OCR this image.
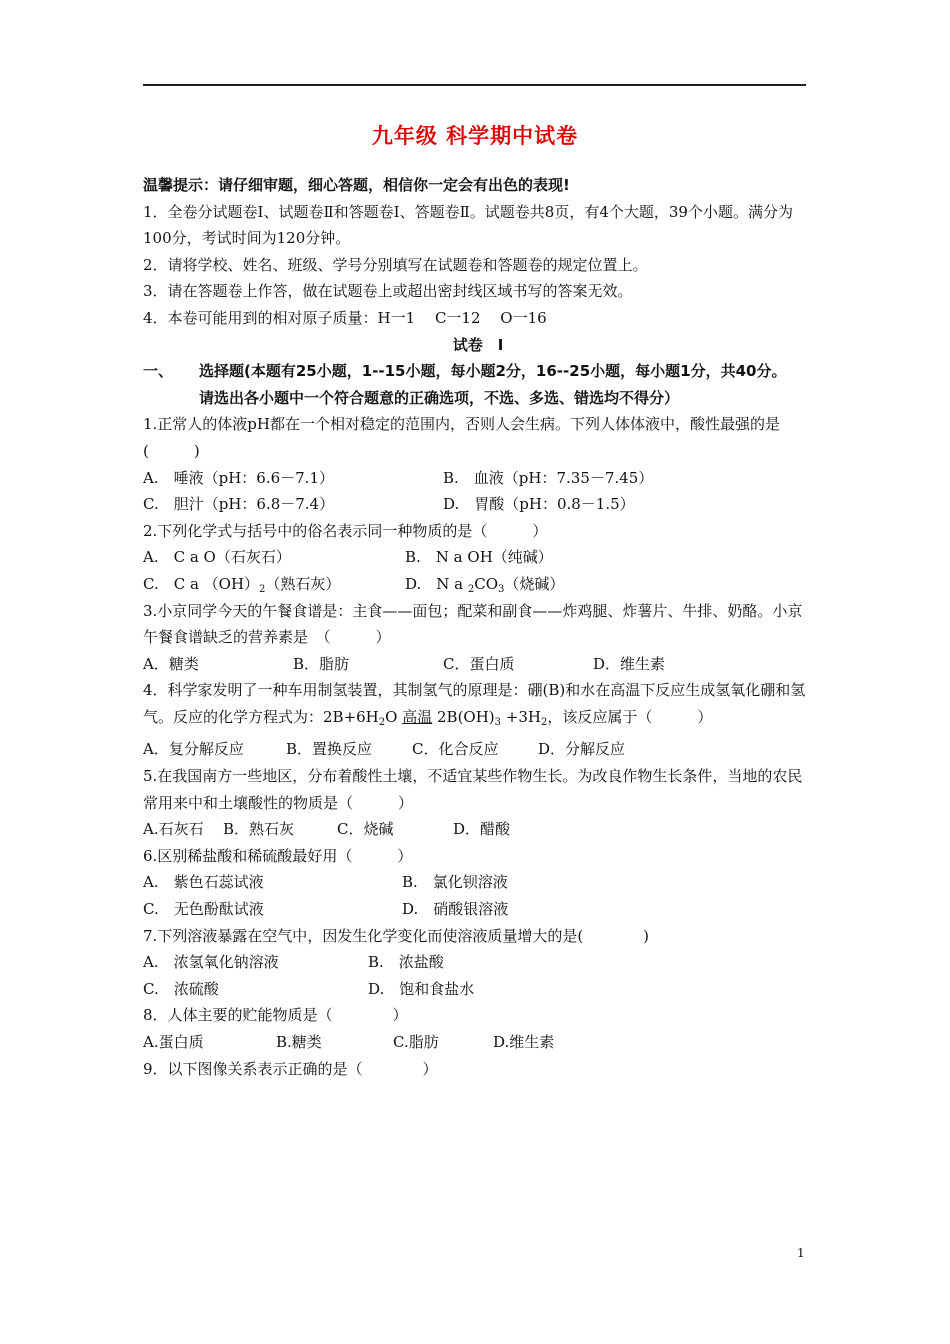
九年级 科学期中试卷
温馨提示：请仔细审题，细心答题，相信你一定会有出色的表现!
1．全卷分试题卷Ⅰ、试题卷Ⅱ和答题卷Ⅰ、答题卷Ⅱ。试题卷共8页，有4个大题，39个小题。满分为100分，考试时间为120分钟。
2．请将学校、姓名、班级、学号分别填写在试题卷和答题卷的规定位置上。
3．请在答题卷上作答，做在试题卷上或超出密封线区域书写的答案无效。
4．本卷可能用到的相对原子质量：H一1　 C一12　 O一16
试卷　Ⅰ
一、	选择题(本题有25小题，1--15小题，每小题2分，16--25小题，每小题1分，共40分。
请选出各小题中一个符合题意的正确选项，不选、多选、错选均不得分）
1.正常人的体液pH都在一个相对稳定的范围内，否则人会生病。下列人体体液中，酸性最强的是(　　　)
A.　唾液（pH：6.6－7.1）	B.　血液（pH：7.35－7.45）
C.　胆汁（pH：6.8－7.4）	D.　胃酸（pH：0.8－1.5）
2.下列化学式与括号中的俗名表示同一种物质的是（　　　）
A.　C a O（石灰石）	B.　N a OH（纯碱）
C.　C a $(OH)_2$（熟石灰）	D.　N a $_2CO_3$（烧碱）
3.小京同学今天的午餐食谱是：主食——面包；配菜和副食——炸鸡腿、炸薯片、牛排、奶酪。小京午餐食谱缺乏的营养素是　（　　　）
A．糖类	B．脂肪	C．蛋白质	D．维生素
4．科学家发明了一种车用制氢装置，其制氢气的原理是：硼(B)和水在高温下反应生成氢氧化硼和氢气。反应的化学方程式为：$2B+6H_2O$ 高温 $2B(OH)_3 +3H_2$，该反应属于（　　　）
A．复分解反应	B．置换反应	C．化合反应	D．分解反应
5.在我国南方一些地区，分布着酸性土壤，不适宜某些作物生长。为改良作物生长条件，当地的农民常用来中和土壤酸性的物质是（　　　）
A.石灰石	B．熟石灰	C．烧碱	D．醋酸
6.区别稀盐酸和稀硫酸最好用（　　　）
A.　紫色石蕊试液	B.　氯化钡溶液
C.　无色酚酞试液	D.　硝酸银溶液
7.下列溶液暴露在空气中，因发生化学变化而使溶液质量增大的是(　　　　)
A.　浓氢氧化钠溶液	B.　浓盐酸
C.　浓硫酸	D.　饱和食盐水
8．人体主要的贮能物质是（　　　　）
A.蛋白质	B.糖类	C.脂肪	D.维生素
9．以下图像关系表示正确的是（　　　　）
1
